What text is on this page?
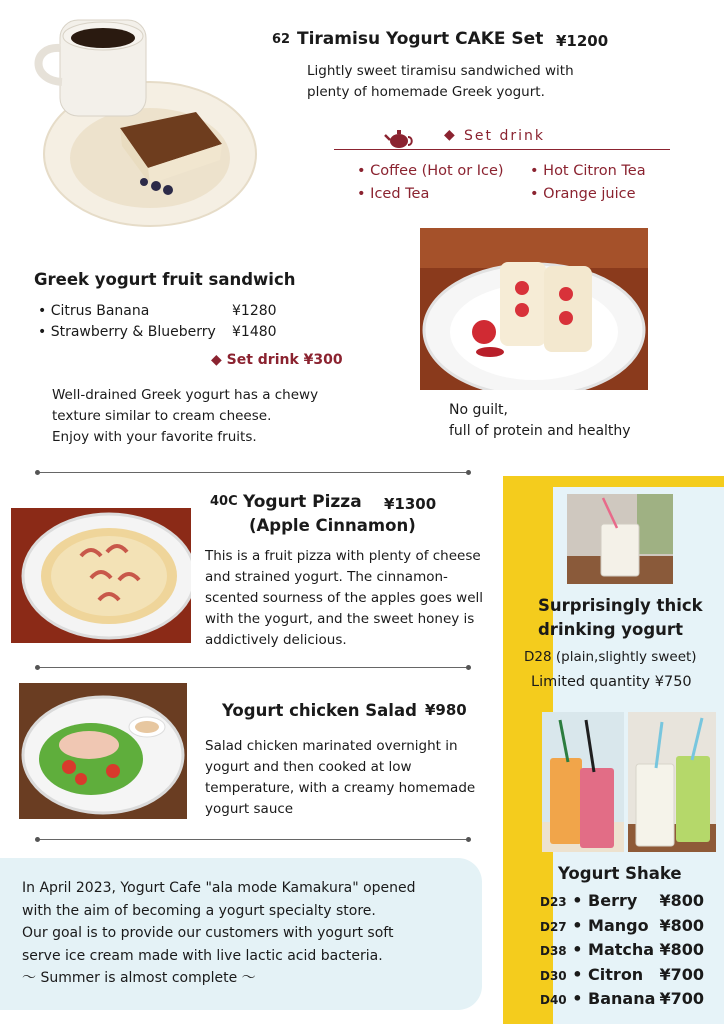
62 Tiramisu Yogurt CAKE Set ¥1200
Lightly sweet tiramisu sandwiched with
plenty of homemade Greek yogurt.
◆ Set drink
• Coffee (Hot or Ice) • Hot Citron Tea
• Iced Tea	• Orange juice
Greek yogurt fruit sandwich
• Citrus Banana	¥1280
• Strawberry & Blueberry ¥1480
◆ Set drink ¥300
Well-drained Greek yogurt has a chewy
texture similar to cream cheese.
Enjoy with your favorite fruits.
No guilt,
full of protein and healthy
40C Yogurt Pizza ¥1300
(Apple Cinnamon)
This is a fruit pizza with plenty of cheese
and strained yogurt. The cinnamon-
scented sourness of the apples goes well
with the yogurt, and the sweet honey is
addictively delicious.
Yogurt chicken Salad ¥980
Salad chicken marinated overnight in
yogurt and then cooked at low
temperature, with a creamy homemade
yogurt sauce
In April 2023, Yogurt Cafe "ala mode Kamakura" opened
with the aim of becoming a yogurt specialty store.
Our goal is to provide our customers with yogurt soft
serve ice cream made with live lactic acid bacteria.
～ Summer is almost complete ～
Surprisingly thick
drinking yogurt
D28 (plain,slightly sweet)
Limited quantity ¥750
Yogurt Shake
D23 • Berry ¥800
D27 • Mango ¥800
D38 • Matcha ¥800
D30 • Citron ¥700
D40 • Banana ¥700
